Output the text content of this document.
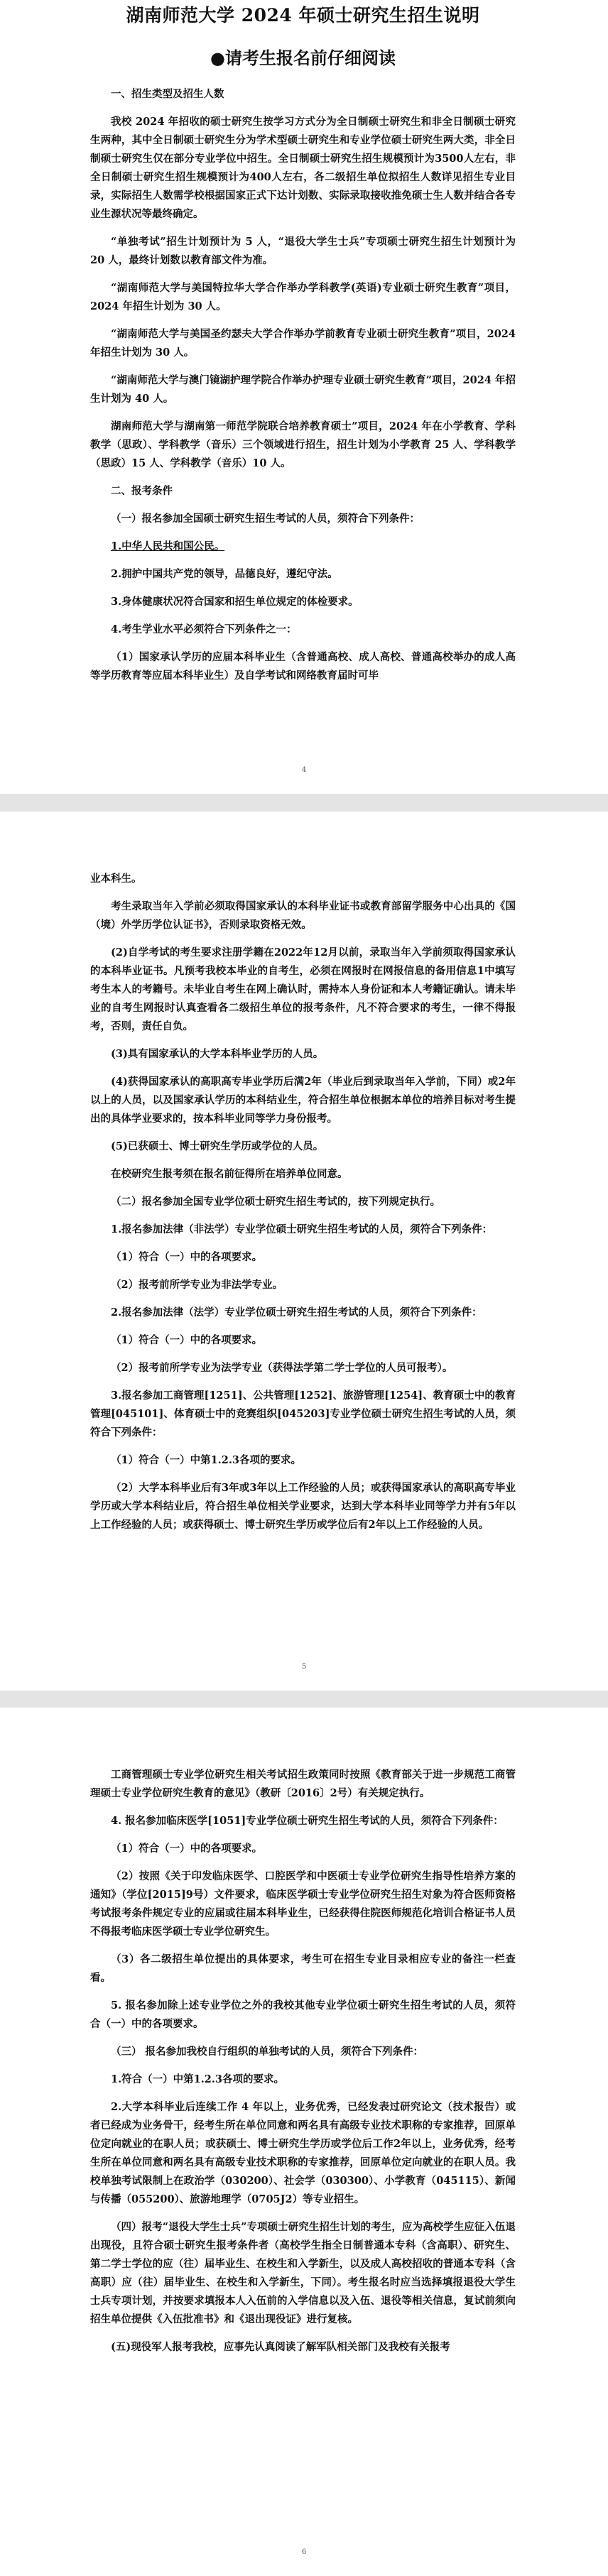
湖南师范大学 2024 年硕士研究生招生说明
●请考生报名前仔细阅读

一、招生类型及招生人数

我校 2024 年招收的硕士研究生按学习方式分为全日制硕士研究生和非全日制硕士研究生两种，其中全日制硕士研究生分为学术型硕士研究生和专业学位硕士研究生两大类，非全日制硕士研究生仅在部分专业学位中招生。全日制硕士研究生招生规模预计为3500人左右，非全日制硕士研究生招生规模预计为400人左右，各二级招生单位拟招生人数详见招生专业目录，实际招生人数需学校根据国家正式下达计划数、实际录取接收推免硕士生人数并结合各专业生源状况等最终确定。

“单独考试”招生计划预计为 5 人，“退役大学生士兵”专项硕士研究生招生计划预计为 20 人，最终计划数以教育部文件为准。

“湖南师范大学与美国特拉华大学合作举办学科教学(英语)专业硕士研究生教育”项目，2024 年招生计划为 30 人。

“湖南师范大学与美国圣约瑟夫大学合作举办学前教育专业硕士研究生教育”项目，2024 年招生计划为 30 人。

“湖南师范大学与澳门镜湖护理学院合作举办护理专业硕士研究生教育”项目，2024 年招生计划为 40 人。

湖南师范大学与湖南第一师范学院联合培养教育硕士”项目，2024 年在小学教育、学科教学（思政）、学科教学（音乐）三个领域进行招生，招生计划为小学教育 25 人、学科教学（思政）15 人、学科教学（音乐）10 人。

二、报考条件

（一）报名参加全国硕士研究生招生考试的人员，须符合下列条件：

1.中华人民共和国公民。

2.拥护中国共产党的领导，品德良好，遵纪守法。

3.身体健康状况符合国家和招生单位规定的体检要求。

4.考生学业水平必须符合下列条件之一：

（1）国家承认学历的应届本科毕业生（含普通高校、成人高校、普通高校举办的成人高等学历教育等应届本科毕业生）及自学考试和网络教育届时可毕

4

业本科生。

考生录取当年入学前必须取得国家承认的本科毕业证书或教育部留学服务中心出具的《国（境）外学历学位认证书》，否则录取资格无效。

(2)自学考试的考生要求注册学籍在2022年12月以前，录取当年入学前须取得国家承认的本科毕业证书。凡预考我校本毕业的自考生，必须在网报时在网报信息的备用信息1中填写考生本人的考籍号。未毕业自考生在网上确认时，需持本人身份证和本人考籍证确认。请未毕业的自考生网报时认真查看各二级招生单位的报考条件，凡不符合要求的考生，一律不得报考，否则，责任自负。

(3)具有国家承认的大学本科毕业学历的人员。

(4)获得国家承认的高职高专毕业学历后满2年（毕业后到录取当年入学前，下同）或2年以上的人员，以及国家承认学历的本科结业生，符合招生单位根据本单位的培养目标对考生提出的具体学业要求的，按本科毕业同等学力身份报考。

(5)已获硕士、博士研究生学历或学位的人员。

在校研究生报考须在报名前征得所在培养单位同意。

（二）报名参加全国专业学位硕士研究生招生考试的，按下列规定执行。

1.报名参加法律（非法学）专业学位硕士研究生招生考试的人员，须符合下列条件：

（1）符合（一）中的各项要求。

（2）报考前所学专业为非法学专业。

2.报名参加法律（法学）专业学位硕士研究生招生考试的人员，须符合下列条件：

（1）符合（一）中的各项要求。

（2）报考前所学专业为法学专业（获得法学第二学士学位的人员可报考）。

3.报名参加工商管理[1251]、公共管理[1252]、旅游管理[1254]、教育硕士中的教育管理[045101]、体育硕士中的竞赛组织[045203]专业学位硕士研究生招生考试的人员，须符合下列条件：

（1）符合（一）中第1.2.3各项的要求。

（2）大学本科毕业后有3年或3年以上工作经验的人员；或获得国家承认的高职高专毕业学历或大学本科结业后，符合招生单位相关学业要求，达到大学本科毕业同等学力并有5年以上工作经验的人员；或获得硕士、博士研究生学历或学位后有2年以上工作经验的人员。

5

工商管理硕士专业学位研究生相关考试招生政策同时按照《教育部关于进一步规范工商管理硕士专业学位研究生教育的意见》（教研〔2016〕2号）有关规定执行。

4. 报名参加临床医学[1051]专业学位硕士研究生招生考试的人员，须符合下列条件：

（1）符合（一）中的各项要求。

（2）按照《关于印发临床医学、口腔医学和中医硕士专业学位研究生指导性培养方案的通知》（学位[2015]9号）文件要求，临床医学硕士专业学位研究生招生对象为符合医师资格考试报考条件规定专业的应届或往届本科毕业生，已经获得住院医师规范化培训合格证书人员不得报考临床医学硕士专业学位研究生。

（3）各二级招生单位提出的具体要求，考生可在招生专业目录相应专业的备注一栏查看。

5. 报名参加除上述专业学位之外的我校其他专业学位硕士研究生招生考试的人员，须符合（一）中的各项要求。

（三） 报名参加我校自行组织的单独考试的人员，须符合下列条件：

1.符合（一）中第1.2.3各项的要求。

2.大学本科毕业后连续工作 4 年以上，业务优秀，已经发表过研究论文（技术报告）或者已经成为业务骨干，经考生所在单位同意和两名具有高级专业技术职称的专家推荐，回原单位定向就业的在职人员；或获硕士、博士研究生学历或学位后工作2年以上，业务优秀，经考生所在单位同意和两名具有高级专业技术职称的专家推荐，回原单位定向就业的在职人员。我校单独考试限制上在政治学（030200）、社会学（030300）、小学教育（045115）、新闻与传播（055200）、旅游地理学（0705J2）等专业招生。

（四）报考“退役大学生士兵”专项硕士研究生招生计划的考生，应为高校学生应征入伍退出现役，且符合硕士研究生报考条件者（高校学生指全日制普通本专科（含高职）、研究生、第二学士学位的应（往）届毕业生、在校生和入学新生，以及成人高校招收的普通本专科（含高职）应（往）届毕业生、在校生和入学新生，下同）。考生报名时应当选择填报退役大学生士兵专项计划，并按要求填报本人入伍前的入学信息以及入伍、退役等相关信息，复试前须向招生单位提供《入伍批准书》和《退出现役证》进行复核。

(五)现役军人报考我校，应事先认真阅读了解军队相关部门及我校有关报考

6
